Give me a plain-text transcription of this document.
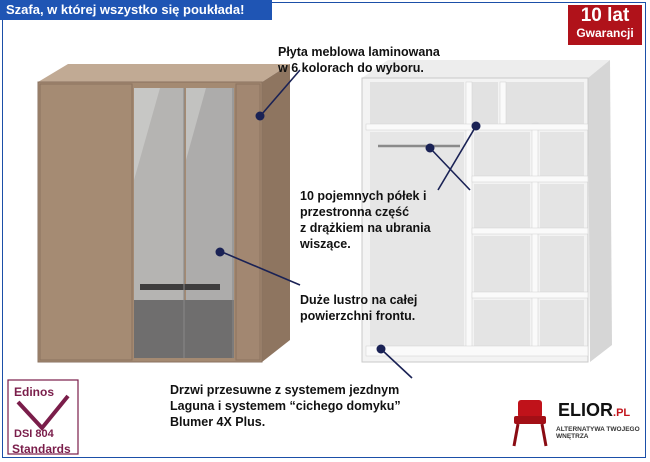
Szafa, w której wszystko się poukłada!	10 lat
Gwarancji
Płyta meblowa laminowana
w 6 kolorach do wyboru.
10 pojemnych półek i
przestronna część
z drążkiem na ubrania
wiszące.
Duże lustro na całej
powierzchni frontu.
Drzwi przesuwne z systemem jezdnym
Laguna i systemem “cichego domyku”
Blumer 4X Plus.
Edinos
DSI 804
Standards
ELIOR.PL
ALTERNATYWA TWOJEGO WNĘTRZA
